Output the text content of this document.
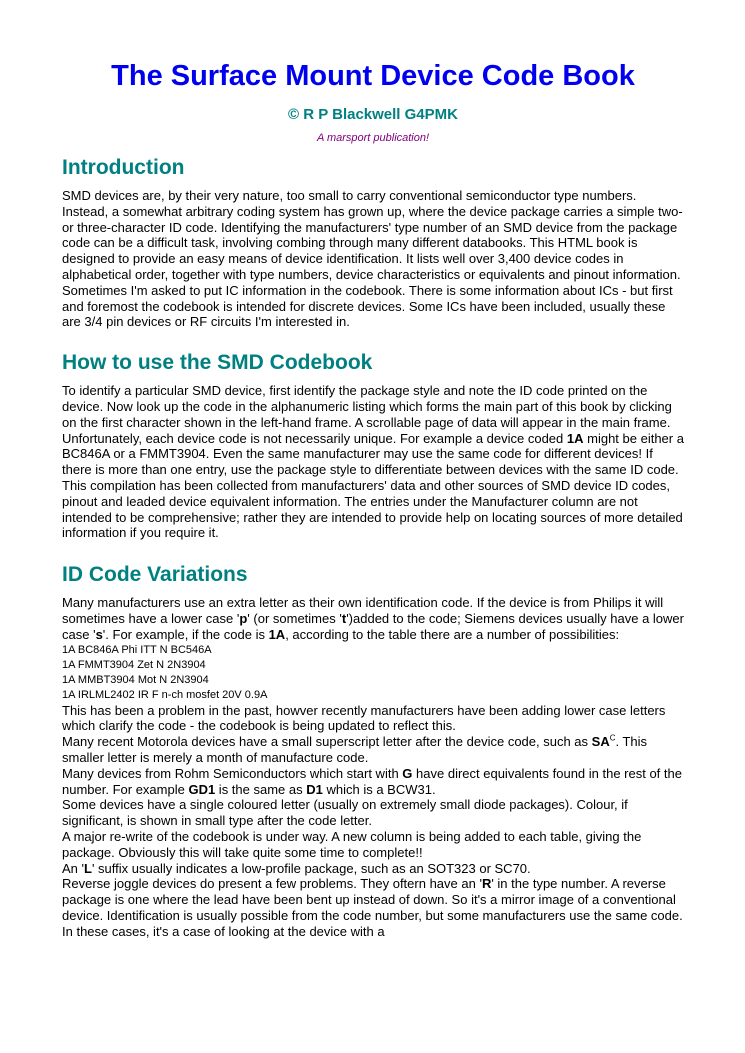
The Surface Mount Device Code Book
© R P Blackwell G4PMK
A marsport publication!
Introduction

SMD devices are, by their very nature, too small to carry conventional semiconductor type numbers. Instead, a somewhat arbitrary coding system has grown up, where the device package carries a simple two- or three-character ID code. Identifying the manufacturers' type number of an SMD device from the package code can be a difficult task, involving combing through many different databooks. This HTML book is designed to provide an easy means of device identification. It lists well over 3,400 device codes in alphabetical order, together with type numbers, device characteristics or equivalents and pinout information. Sometimes I'm asked to put IC information in the codebook. There is some information about ICs - but first and foremost the codebook is intended for discrete devices. Some ICs have been included, usually these are 3/4 pin devices or RF circuits I'm interested in.

How to use the SMD Codebook

To identify a particular SMD device, first identify the package style and note the ID code printed on the device. Now look up the code in the alphanumeric listing which forms the main part of this book by clicking on the first character shown in the left-hand frame. A scrollable page of data will appear in the main frame.

Unfortunately, each device code is not necessarily unique. For example a device coded 1A might be either a BC846A or a FMMT3904. Even the same manufacturer may use the same code for different devices! If there is more than one entry, use the package style to differentiate between devices with the same ID code.

This compilation has been collected from manufacturers' data and other sources of SMD device ID codes, pinout and leaded device equivalent information. The entries under the Manufacturer column are not intended to be comprehensive; rather they are intended to provide help on locating sources of more detailed information if you require it.

ID Code Variations

Many manufacturers use an extra letter as their own identification code. If the device is from Philips it will sometimes have a lower case 'p' (or sometimes 't')added to the code; Siemens devices usually have a lower case 's'. For example, if the code is 1A, according to the table there are a number of possibilities:

1A BC846A Phi ITT N BC546A
1A FMMT3904 Zet N 2N3904
1A MMBT3904 Mot N 2N3904
1A IRLML2402 IR F n-ch mosfet 20V 0.9A

This has been a problem in the past, howver recently manufacturers have been adding lower case letters which clarify the code - the codebook is being updated to reflect this.

Many recent Motorola devices have a small superscript letter after the device code, such as $SA^C$. This smaller letter is merely a month of manufacture code.

Many devices from Rohm Semiconductors which start with G have direct equivalents found in the rest of the number. For example GD1 is the same as D1 which is a BCW31.

Some devices have a single coloured letter (usually on extremely small diode packages). Colour, if significant, is shown in small type after the code letter.

A major re-write of the codebook is under way. A new column is being added to each table, giving the package. Obviously this will take quite some time to complete!!

An 'L' suffix usually indicates a low-profile package, such as an SOT323 or SC70.

Reverse joggle devices do present a few problems. They oftern have an 'R' in the type number. A reverse package is one where the lead have been bent up instead of down. So it's a mirror image of a conventional device. Identification is usually possible from the code number, but some manufacturers use the same code. In these cases, it's a case of looking at the device with a
